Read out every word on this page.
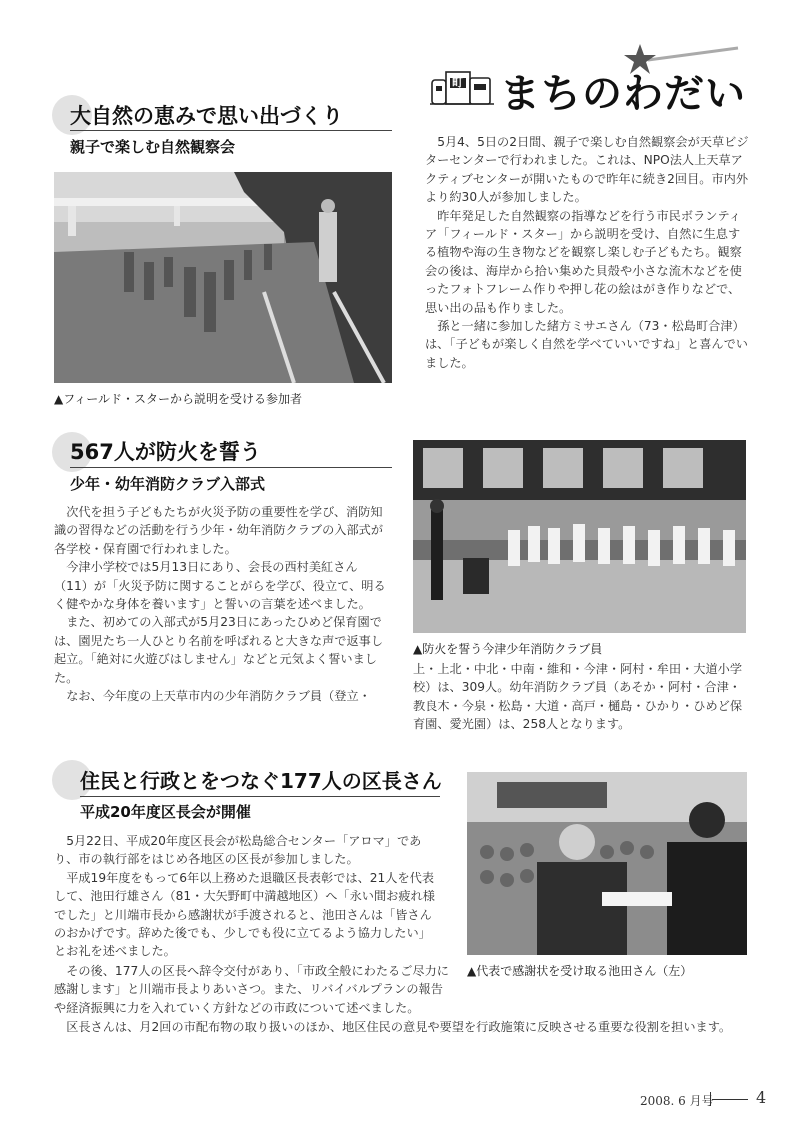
町 まちのわだい
大自然の恵みで思い出づくり
親子で楽しむ自然観察会
▲フィールド・スターから説明を受ける参加者

5月4、5日の2日間、親子で楽しむ自然観察会が天草ビジターセンターで行われました。これは、NPO法人上天草アクティブセンターが開いたもので昨年に続き2回目。市内外より約30人が参加しました。

昨年発足した自然観察の指導などを行う市民ボランティア「フィールド・スター」から説明を受け、自然に生息する植物や海の生き物などを観察し楽しむ子どもたち。観察会の後は、海岸から拾い集めた貝殻や小さな流木などを使ったフォトフレーム作りや押し花の絵はがき作りなどで、思い出の品も作りました。

孫と一緒に参加した緒方ミサエさん（73・松島町合津）は、「子どもが楽しく自然を学べていいですね」と喜んでいました。

567人が防火を誓う
少年・幼年消防クラブ入部式

次代を担う子どもたちが火災予防の重要性を学び、消防知識の習得などの活動を行う少年・幼年消防クラブの入部式が各学校・保育園で行われました。

今津小学校では5月13日にあり、会長の西村美紅さん（11）が「火災予防に関することがらを学び、役立て、明るく健やかな身体を養います」と誓いの言葉を述べました。

また、初めての入部式が5月23日にあったひめど保育園では、園児たち一人ひとり名前を呼ばれると大きな声で返事し起立。「絶対に火遊びはしません」などと元気よく誓いました。

なお、今年度の上天草市内の少年消防クラブ員（登立・

▲防火を誓う今津少年消防クラブ員
上・上北・中北・中南・維和・今津・阿村・牟田・大道小学校）は、309人。幼年消防クラブ員（あそか・阿村・合津・教良木・今泉・松島・大道・高戸・樋島・ひかり・ひめど保育園、愛光園）は、258人となります。
住民と行政とをつなぐ177人の区長さん
平成20年度区長会が開催
▲代表で感謝状を受け取る池田さん（左）

5月22日、平成20年度区長会が松島総合センター「アロマ」であり、市の執行部をはじめ各地区の区長が参加しました。

平成19年度をもって6年以上務めた退職区長表彰では、21人を代表して、池田行雄さん（81・大矢野町中満越地区）へ「永い間お疲れ様でした」と川端市長から感謝状が手渡されると、池田さんは「皆さんのおかげです。辞めた後でも、少しでも役に立てるよう協力したい」とお礼を述べました。

その後、177人の区長へ辞令交付があり、「市政全般にわたるご尽力に感謝します」と川端市長よりあいさつ。また、リバイバルプランの報告や経済振興に力を入れていく方針などの市政について述べました。

区長さんは、月2回の市配布物の取り扱いのほか、地区住民の意見や要望を行政施策に反映させる重要な役割を担います。

2008. 6 月号	4
